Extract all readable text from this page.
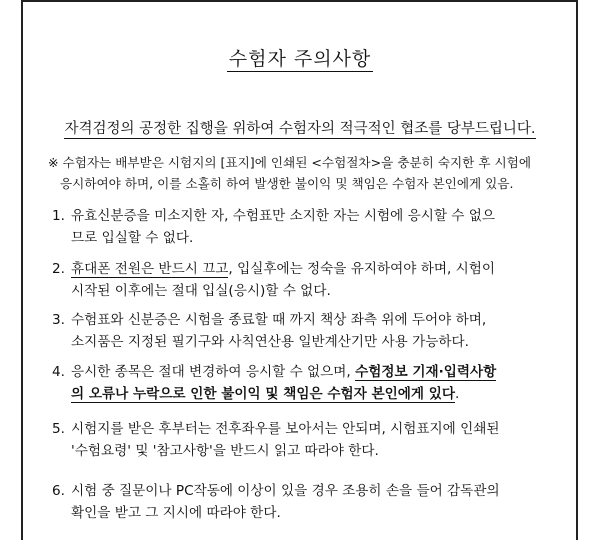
수험자 주의사항
자격검정의 공정한 집행을 위하여 수험자의 적극적인 협조를 당부드립니다.
※ 수험자는 배부받은 시험지의 [표지]에 인쇄된 <수험절차>을 충분히 숙지한 후 시험에
응시하여야 하며, 이를 소홀히 하여 발생한 불이익 및 책임은 수험자 본인에게 있음.
1. 유효신분증을 미소지한 자, 수험표만 소지한 자는 시험에 응시할 수 없으
므로 입실할 수 없다.
2. 휴대폰 전원은 반드시 끄고, 입실후에는 정숙을 유지하여야 하며, 시험이
시작된 이후에는 절대 입실(응시)할 수 없다.
3. 수험표와 신분증은 시험을 종료할 때 까지 책상 좌측 위에 두어야 하며,
소지품은 지정된 필기구와 사칙연산용 일반계산기만 사용 가능하다.
4. 응시한 종목은 절대 변경하여 응시할 수 없으며, 수험정보 기재·입력사항
의 오류나 누락으로 인한 불이익 및 책임은 수험자 본인에게 있다.
5. 시험지를 받은 후부터는 전후좌우를 보아서는 안되며, 시험표지에 인쇄된
'수험요령' 및 '참고사항'을 반드시 읽고 따라야 한다.
6. 시험 중 질문이나 PC작동에 이상이 있을 경우 조용히 손을 들어 감독관의
확인을 받고 그 지시에 따라야 한다.
